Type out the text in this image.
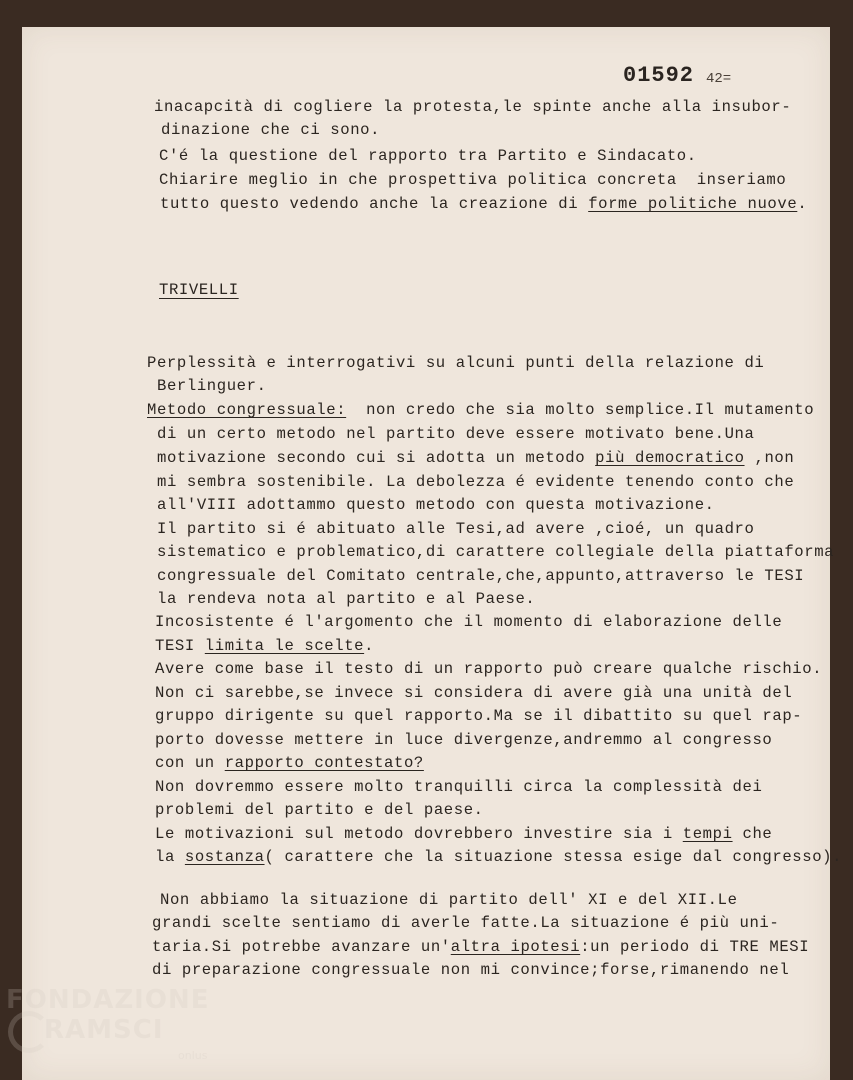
01592 42=
inacapcità di cogliere la protesta,le spinte anche alla insubor-
dinazione che ci sono.
C'é la questione del rapporto tra Partito e Sindacato.
Chiarire meglio in che prospettiva politica concreta  inseriamo
tutto questo vedendo anche la creazione di forme politiche nuove.
TRIVELLI
Perplessità e interrogativi su alcuni punti della relazione di
Berlinguer.
Metodo congressuale:  non credo che sia molto semplice.Il mutamento
di un certo metodo nel partito deve essere motivato bene.Una
motivazione secondo cui si adotta un metodo più democratico ,non
mi sembra sostenibile. La debolezza é evidente tenendo conto che
all'VIII adottammo questo metodo con questa motivazione.
Il partito si é abituato alle Tesi,ad avere ,cioé, un quadro
sistematico e problematico,di carattere collegiale della piattaforma
congressuale del Comitato centrale,che,appunto,attraverso le TESI
la rendeva nota al partito e al Paese.
Incosistente é l'argomento che il momento di elaborazione delle
TESI limita le scelte.
Avere come base il testo di un rapporto può creare qualche rischio.
Non ci sarebbe,se invece si considera di avere già una unità del
gruppo dirigente su quel rapporto.Ma se il dibattito su quel rap-
porto dovesse mettere in luce divergenze,andremmo al congresso
con un rapporto contestato?
Non dovremmo essere molto tranquilli circa la complessità dei
problemi del partito e del paese.
Le motivazioni sul metodo dovrebbero investire sia i tempi che
la sostanza( carattere che la situazione stessa esige dal congresso).
Non abbiamo la situazione di partito dell' XI e del XII.Le
grandi scelte sentiamo di averle fatte.La situazione é più uni-
taria.Si potrebbe avanzare un'altra ipotesi:un periodo di TRE MESI
di preparazione congressuale non mi convince;forse,rimanendo nel
FONDAZIONE
RAMSCI
onlus
